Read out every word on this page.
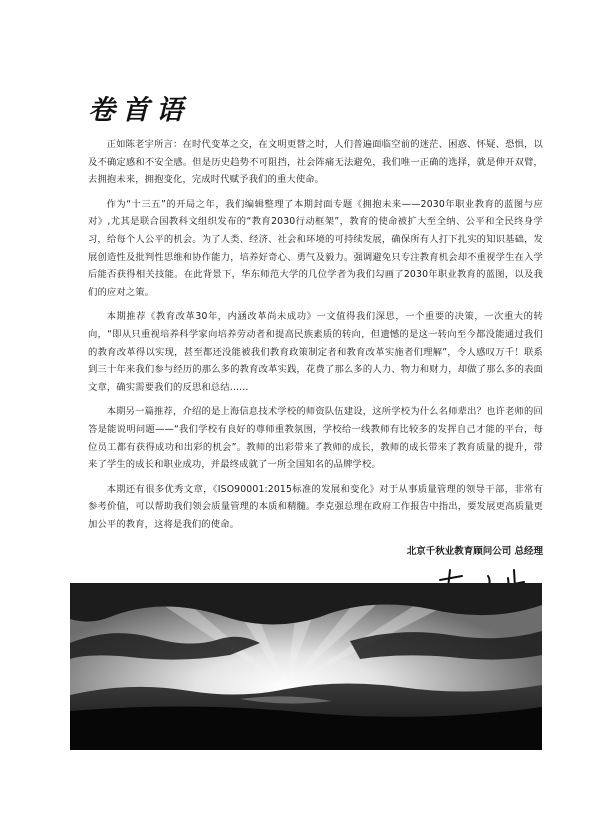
卷首语

正如陈老宇所言：在时代变革之交，在文明更替之时，人们普遍面临空前的迷茫、困惑、怀疑、恐惧，以及不确定感和不安全感。但是历史趋势不可阻挡，社会阵痛无法避免，我们唯一正确的选择，就是伸开双臂，去拥抱未来，拥抱变化，完成时代赋予我们的重大使命。

作为“十三五”的开局之年，我们编辑整理了本期封面专题《拥抱未来——2030年职业教育的蓝图与应对》,尤其是联合国教科文组织发布的“教育2030行动框架”，教育的使命被扩大至全纳、公平和全民终身学习，给每个人公平的机会。为了人类、经济、社会和环境的可持续发展，确保所有人打下扎实的知识基础，发展创造性及批判性思维和协作能力，培养好奇心、勇气及毅力。强调避免只专注教育机会却不重视学生在入学后能否获得相关技能。在此背景下，华东师范大学的几位学者为我们勾画了2030年职业教育的蓝图，以及我们的应对之策。

本期推荐《教育改革30年，内涵改革尚未成功》一文值得我们深思，一个重要的决策，一次重大的转向，“即从只重视培养科学家向培养劳动者和提高民族素质的转向，但遗憾的是这一转向至今都没能通过我们的教育改革得以实现，甚至都还没能被我们教育政策制定者和教育改革实施者们理解”，令人感叹万千！联系到三十年来我们参与经历的那么多的教育改革实践，花费了那么多的人力、物力和财力，却做了那么多的表面文章，确实需要我们的反思和总结……

本期另一篇推荐，介绍的是上海信息技术学校的师资队伍建设，这所学校为什么名师辈出？也许老师的回答是能说明问题——“我们学校有良好的尊师重教氛围，学校给一线教师有比较多的发挥自己才能的平台，每位员工都有获得成功和出彩的机会”。教师的出彩带来了教师的成长，教师的成长带来了教育质量的提升，带来了学生的成长和职业成功，并最终成就了一所全国知名的品牌学校。

本期还有很多优秀文章，《ISO90001:2015标准的发展和变化》对于从事质量管理的领导干部，非常有参考价值，可以帮助我们领会质量管理的本质和精髓。李克强总理在政府工作报告中指出，要发展更高质量更加公平的教育，这将是我们的使命。

北京千秋业教育顾问公司 总经理
